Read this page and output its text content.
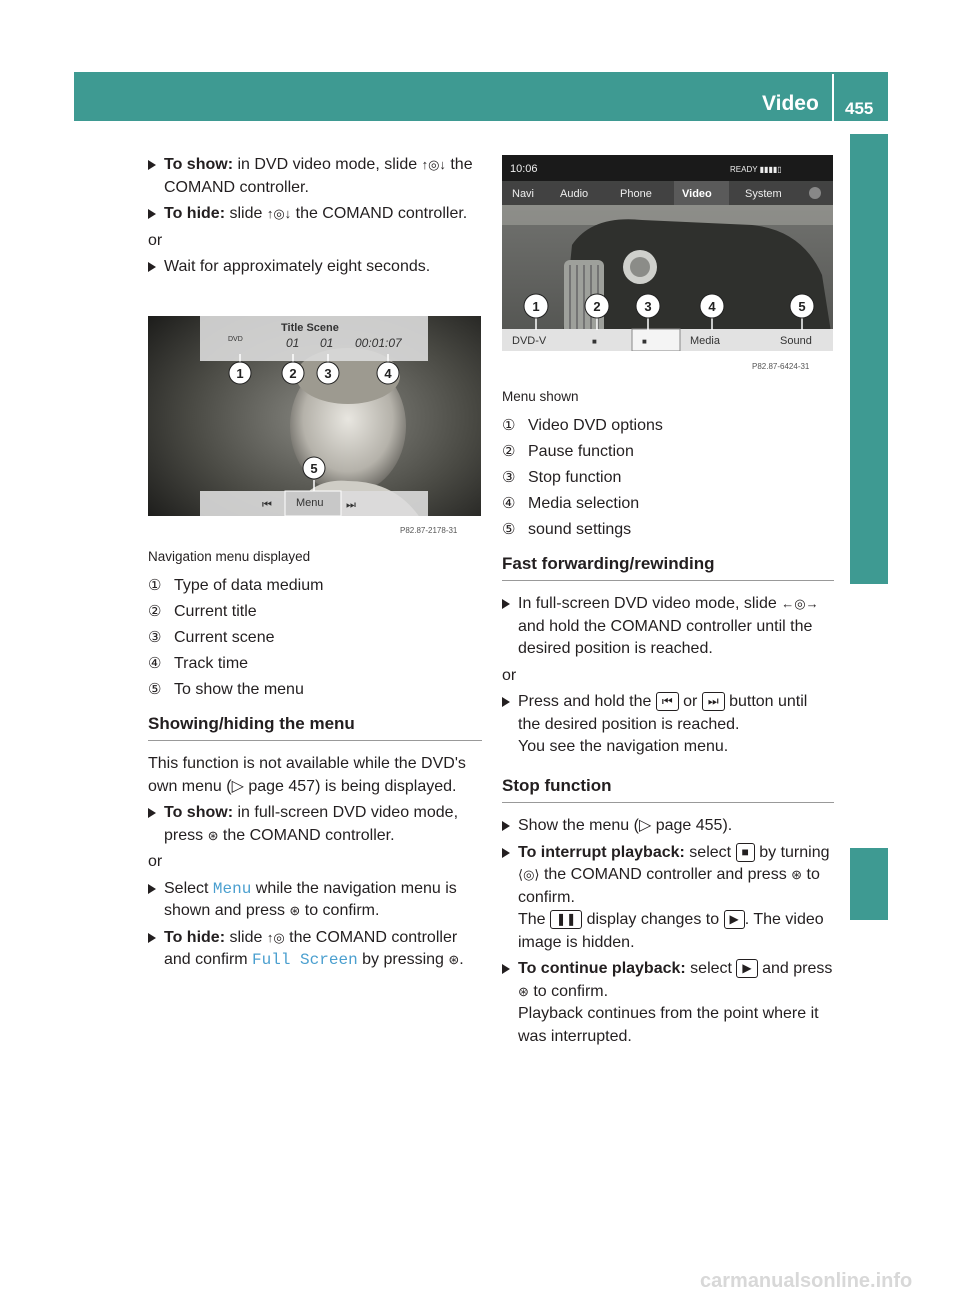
Video 455
COMAND

To show: in DVD video mode, slide ↑◎↓ the COMAND controller.

To hide: slide ↑◎↓ the COMAND controller.

or

Wait for approximately eight seconds.

1	2 3	4
5
Title Scene
01 01 00:01:07
DVD
⏮ Menu ⏭
P82.87-2178-31

Navigation menu displayed

① Type of data medium

② Current title

③ Current scene

④ Track time

⑤ To show the menu

Showing/hiding the menu

This function is not available while the DVD's own menu (▷ page 457) is being displayed.

To show: in full-screen DVD video mode, press ⊛ the COMAND controller.

or

Select Menu while the navigation menu is shown and press ⊛ to confirm.

To hide: slide ↑◎ the COMAND controller and confirm Full Screen by pressing ⊛.

1	2	3	4	5
10:06	READY ▮▮▮▮▯
Navi Audio	Phone	Video	System
DVD-V	■	■	Media	Sound
P82.87-6424-31

Menu shown

① Video DVD options

② Pause function

③ Stop function

④ Media selection

⑤ sound settings

Fast forwarding/rewinding

In full-screen DVD video mode, slide ←◎→ and hold the COMAND controller until the desired position is reached.

or

Press and hold the ⏮ or ⏭ button until the desired position is reached.
You see the navigation menu.

Stop function

Show the menu (▷ page 455).

To interrupt playback: select ■ by turning ⟨◎⟩ the COMAND controller and press ⊛ to confirm.
The ❚❚ display changes to ▶ . The video image is hidden.

To continue playback: select ▶ and press ⊛ to confirm.
Playback continues from the point where it was interrupted.

carmanualsonline.info
